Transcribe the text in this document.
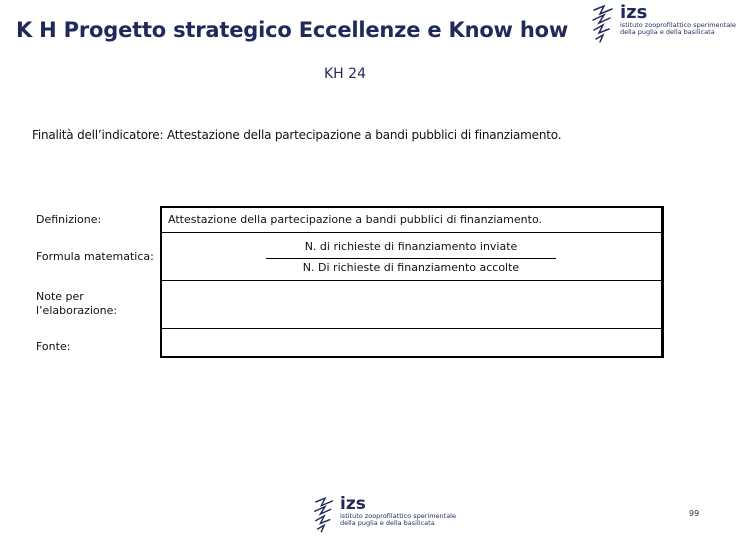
K H Progetto strategico Eccellenze e Know how
izs
istituto zooprofilattico sperimentale
della puglia e della basilicata
KH 24
Finalità dell’indicatore: Attestazione della partecipazione a bandi pubblici di finanziamento.
Definizione:
Formula matematica:
Note per l’elaborazione:
Fonte:
Attestazione della partecipazione a bandi pubblici di finanziamento.
N. di richieste di finanziamento inviate
N. Di richieste di finanziamento accolte
izs
istituto zooprofilattico sperimentale
della puglia e della basilicata
99
